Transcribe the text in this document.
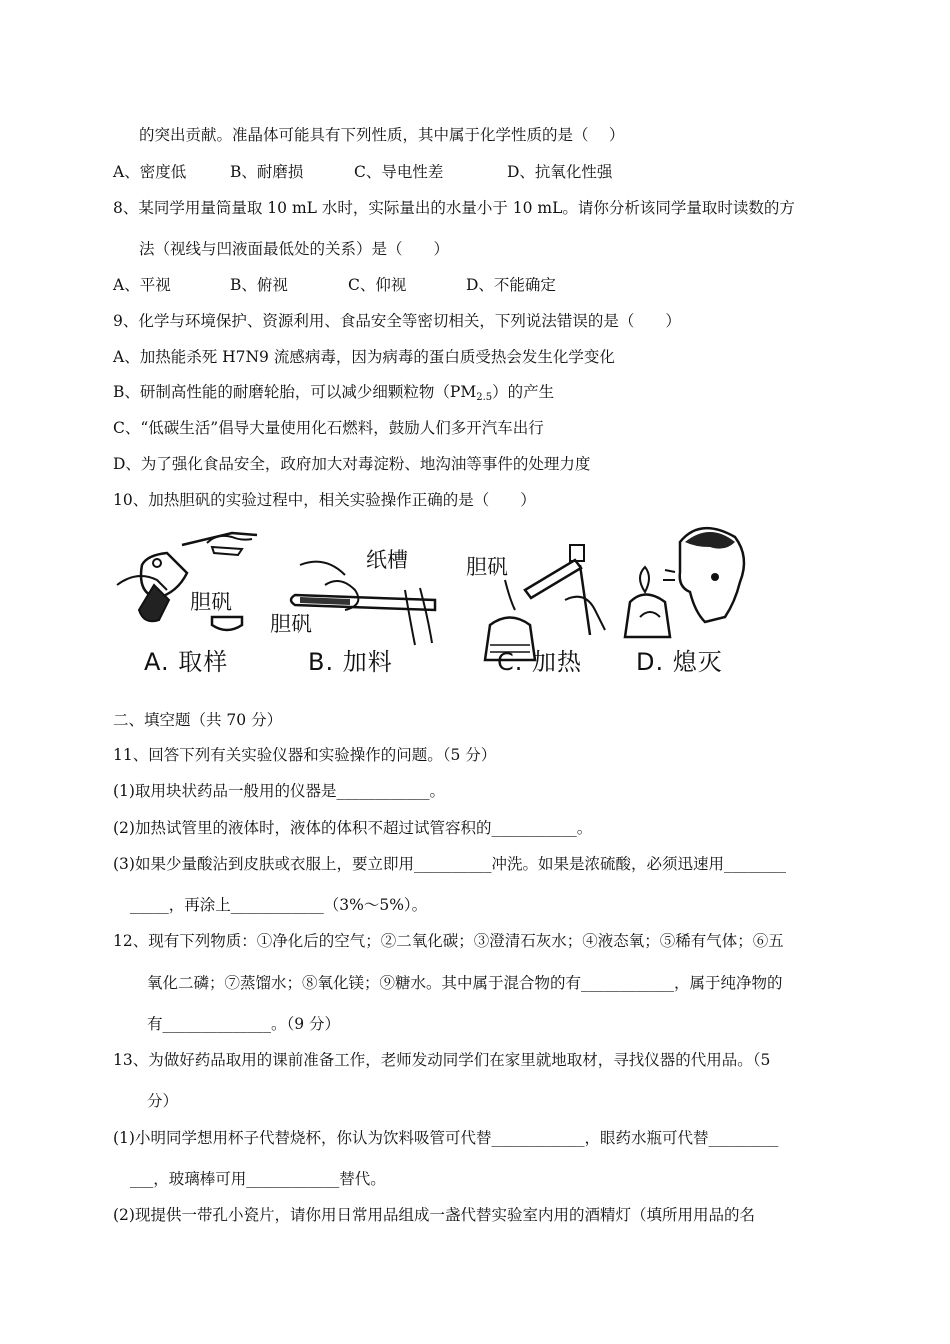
的突出贡献。准晶体可能具有下列性质，其中属于化学性质的是（　 ）
A、密度低	B、耐磨损	C、导电性差	D、抗氧化性强
8、某同学用量筒量取 10 mL 水时，实际量出的水量小于 10 mL。请你分析该同学量取时读数的方
法（视线与凹液面最低处的关系）是（　　）
A、平视	B、俯视	C、仰视	D、不能确定
9、化学与环境保护、资源利用、食品安全等密切相关，下列说法错误的是（　　）
A、加热能杀死 H7N9 流感病毒，因为病毒的蛋白质受热会发生化学变化
B、研制高性能的耐磨轮胎，可以减少细颗粒物$(PM_{2.5})$的产生
C、“低碳生活”倡导大量使用化石燃料，鼓励人们多开汽车出行
D、为了强化食品安全，政府加大对毒淀粉、地沟油等事件的处理力度
10、加热胆矾的实验过程中，相关实验操作正确的是（　　）
胆矾
纸槽
胆矾
胆矾
A. 取样	B. 加料	C. 加热 D. 熄灭
二、填空题（共 70 分）
11、回答下列有关实验仪器和实验操作的问题。（5 分）
(1)取用块状药品一般用的仪器是____________。
(2)加热试管里的液体时，液体的体积不超过试管容积的___________。
(3)如果少量酸沾到皮肤或衣服上，要立即用__________冲洗。如果是浓硫酸，必须迅速用________
_____，再涂上____________（3%～5%）。
12、现有下列物质：①净化后的空气；②二氧化碳；③澄清石灰水；④液态氧；⑤稀有气体；⑥五
氧化二磷；⑦蒸馏水；⑧氧化镁；⑨糖水。其中属于混合物的有____________，属于纯净物的
有______________。（9 分）
13、为做好药品取用的课前准备工作，老师发动同学们在家里就地取材，寻找仪器的代用品。（5
分）
(1)小明同学想用杯子代替烧杯，你认为饮料吸管可代替____________，眼药水瓶可代替_________
___，玻璃棒可用____________替代。
(2)现提供一带孔小瓷片，请你用日常用品组成一盏代替实验室内用的酒精灯（填所用用品的名
